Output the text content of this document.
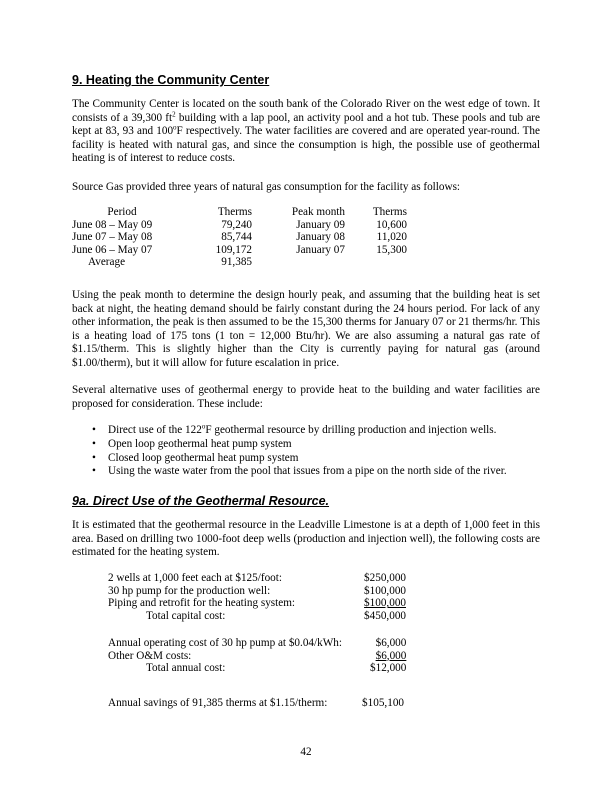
9. Heating the Community Center

The Community Center is located on the south bank of the Colorado River on the west edge of town. It consists of a 39,300 $ft^2$ building with a lap pool, an activity pool and a hot tub. These pools and tub are kept at 83, 93 and 100$^o$F respectively. The water facilities are covered and are operated year-round. The facility is heated with natural gas, and since the consumption is high, the possible use of geothermal heating is of interest to reduce costs.

Source Gas provided three years of natural gas consumption for the facility as follows:

Period	Therms	Peak month	Therms
June 08 – May 09	79,240	January 09	10,600
June 07 – May 08	85,744	January 08	11,020
June 06 – May 07	109,172	January 07	15,300
Average	91,385		

Using the peak month to determine the design hourly peak, and assuming that the building heat is set back at night, the heating demand should be fairly constant during the 24 hours period. For lack of any other information, the peak is then assumed to be the 15,300 therms for January 07 or 21 therms/hr. This is a heating load of 175 tons (1 ton = 12,000 Btu/hr). We are also assuming a natural gas rate of $1.15/therm. This is slightly higher than the City is currently paying for natural gas (around $1.00/therm), but it will allow for future escalation in price.

Several alternative uses of geothermal energy to provide heat to the building and water facilities are proposed for consideration. These include:

• Direct use of the 122$^o$F geothermal resource by drilling production and injection wells.
• Open loop geothermal heat pump system
• Closed loop geothermal heat pump system
• Using the waste water from the pool that issues from a pipe on the north side of the river.
9a. Direct Use of the Geothermal Resource.

It is estimated that the geothermal resource in the Leadville Limestone is at a depth of 1,000 feet in this area. Based on drilling two 1000-foot deep wells (production and injection well), the following costs are estimated for the heating system.

2 wells at 1,000 feet each at $125/foot:	$250,000
30 hp pump for the production well:	$100,000
Piping and retrofit for the heating system:	$100,000
Total capital cost:	$450,000
Annual operating cost of 30 hp pump at $0.04/kWh:	$6,000
Other O&M costs:	$6,000
Total annual cost:	$12,000
Annual savings of 91,385 therms at $1.15/therm:	$105,100
42
